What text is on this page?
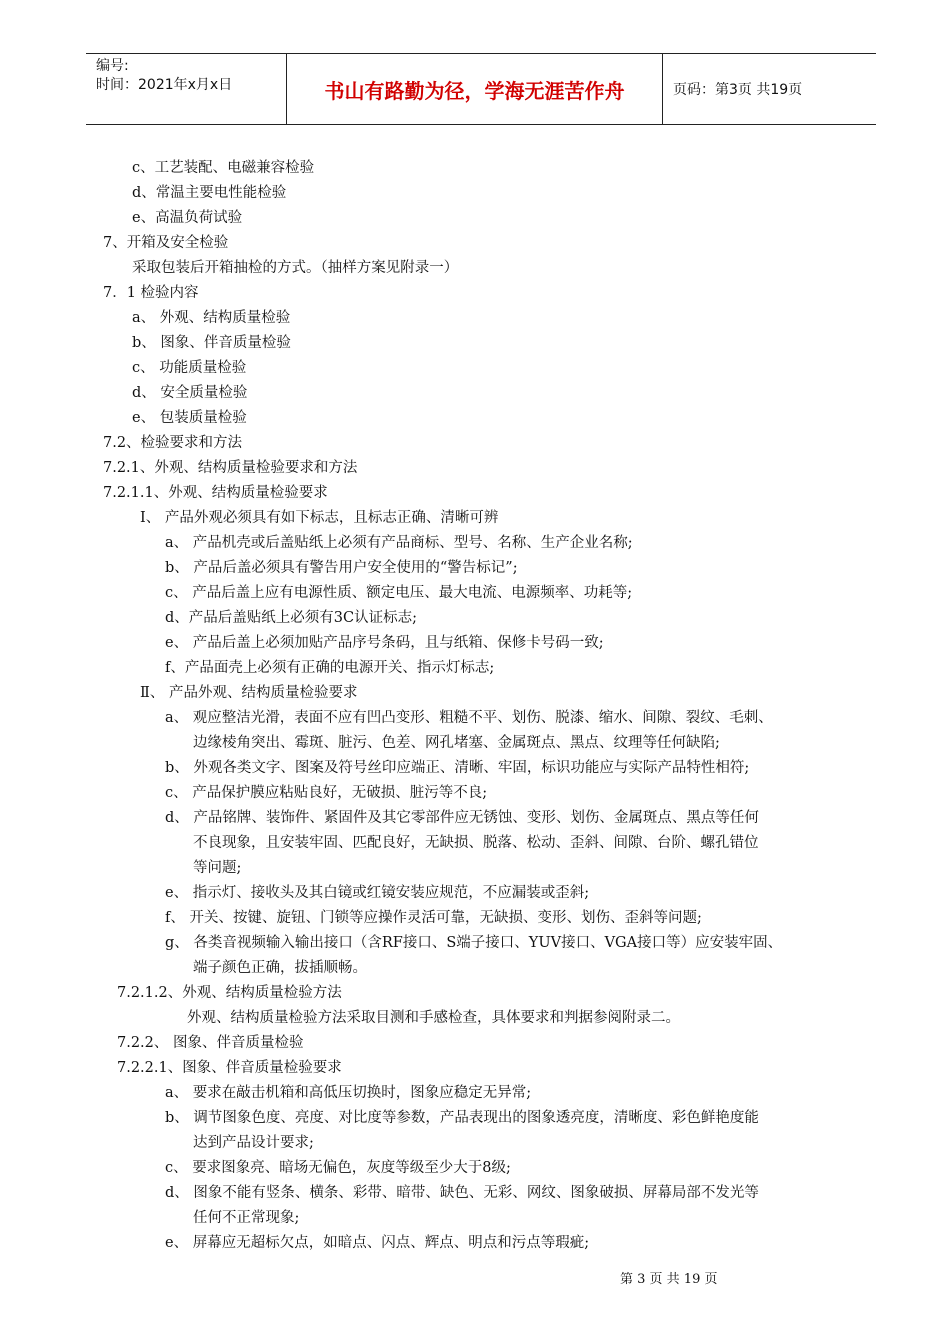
编号:
时间：2021年x月x日	书山有路勤为径，学海无涯苦作舟	页码：第3页 共19页
c、工艺装配、电磁兼容检验
d、常温主要电性能检验
e、高温负荷试验
7、开箱及安全检验
采取包装后开箱抽检的方式。（抽样方案见附录一）
7．1 检验内容
a、 外观、结构质量检验
b、 图象、伴音质量检验
c、 功能质量检验
d、 安全质量检验
e、 包装质量检验
7.2、检验要求和方法
7.2.1、外观、结构质量检验要求和方法
7.2.1.1、外观、结构质量检验要求
Ⅰ、 产品外观必须具有如下标志，且标志正确、清晰可辨
a、 产品机壳或后盖贴纸上必须有产品商标、型号、名称、生产企业名称;
b、 产品后盖必须具有警告用户安全使用的“警告标记”;
c、 产品后盖上应有电源性质、额定电压、最大电流、电源频率、功耗等;
d、产品后盖贴纸上必须有3C认证标志;
e、 产品后盖上必须加贴产品序号条码，且与纸箱、保修卡号码一致;
f、产品面壳上必须有正确的电源开关、指示灯标志;
Ⅱ、 产品外观、结构质量检验要求
a、 观应整洁光滑，表面不应有凹凸变形、粗糙不平、划伤、脱漆、缩水、间隙、裂纹、毛刺、
边缘棱角突出、霉斑、脏污、色差、网孔堵塞、金属斑点、黑点、纹理等任何缺陷;
b、 外观各类文字、图案及符号丝印应端正、清晰、牢固，标识功能应与实际产品特性相符;
c、 产品保护膜应粘贴良好，无破损、脏污等不良;
d、 产品铭牌、装饰件、紧固件及其它零部件应无锈蚀、变形、划伤、金属斑点、黑点等任何
不良现象，且安装牢固、匹配良好，无缺损、脱落、松动、歪斜、间隙、台阶、螺孔错位
等问题;
e、 指示灯、接收头及其白镜或红镜安装应规范，不应漏装或歪斜;
f、 开关、按键、旋钮、门锁等应操作灵活可靠，无缺损、变形、划伤、歪斜等问题;
g、 各类音视频输入输出接口（含RF接口、S端子接口、YUV接口、VGA接口等）应安装牢固、
端子颜色正确，拔插顺畅。
7.2.1.2、外观、结构质量检验方法
外观、结构质量检验方法采取目测和手感检查，具体要求和判据参阅附录二。
7.2.2、 图象、伴音质量检验
7.2.2.1、图象、伴音质量检验要求
a、 要求在敲击机箱和高低压切换时，图象应稳定无异常;
b、 调节图象色度、亮度、对比度等参数，产品表现出的图象透亮度，清晰度、彩色鲜艳度能
达到产品设计要求;
c、 要求图象亮、暗场无偏色，灰度等级至少大于8级;
d、 图象不能有竖条、横条、彩带、暗带、缺色、无彩、网纹、图象破损、屏幕局部不发光等
任何不正常现象;
e、 屏幕应无超标欠点，如暗点、闪点、辉点、明点和污点等瑕疵;
第 3 页 共 19 页
